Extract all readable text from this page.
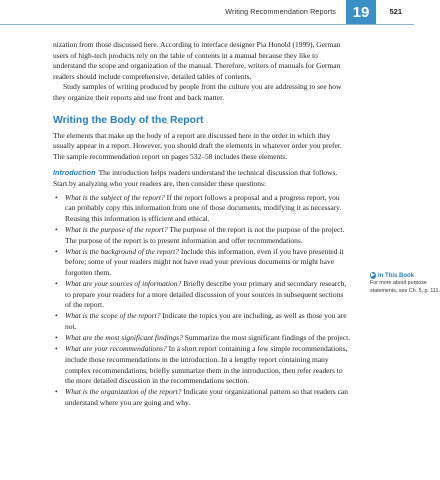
Writing Recommendation Reports 19	521

nization from those discussed here. According to interface designer Pia Honold (1999), German users of high-tech products rely on the table of contents in a manual because they like to understand the scope and organization of the manual. Therefore, writers of manuals for German readers should include comprehensive, detailed tables of contents.

Study samples of writing produced by people from the culture you are addressing to see how they organize their reports and use front and back matter.

Writing the Body of the Report

The elements that make up the body of a report are discussed here in the order in which they usually appear in a report. However, you should draft the elements in whatever order you prefer. The sample recommendation report on pages 532–58 includes these elements.

Introduction The introduction helps readers understand the technical discussion that follows. Start by analyzing who your readers are, then consider these questions:

• What is the subject of the report? If the report follows a proposal and a progress report, you can probably copy this information from one of those documents, modifying it as necessary. Reusing this information is efficient and ethical.
• What is the purpose of the report? The purpose of the report is not the purpose of the project. The purpose of the report is to present information and offer recommendations.
• What is the background of the report? Include this information, even if you have presented it before; some of your readers might not have read your previous documents or might have forgotten them.
• What are your sources of information? Briefly describe your primary and secondary research, to prepare your readers for a more detailed discussion of your sources in subsequent sections of the report.
• What is the scope of the report? Indicate the topics you are including, as well as those you are not.
• What are the most significant findings? Summarize the most significant findings of the project.
• What are your recommendations? In a short report containing a few simple recommendations, include those recommendations in the introduction. In a lengthy report containing many complex recommendations, briefly summarize them in the introduction, then refer readers to the more detailed discussion in the recommendations section.
• What is the organization of the report? Indicate your organizational pattern so that readers can understand where you are going and why.
▶ In This Book
For more about purpose
statements, see Ch. 5, p. 111.
